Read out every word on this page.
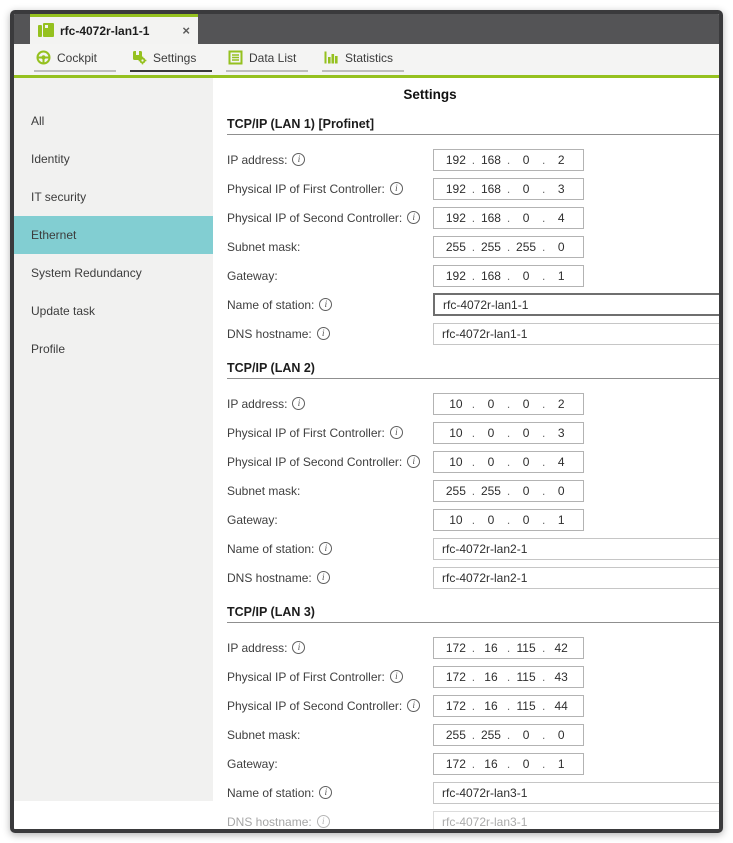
rfc-4072r-lan1-1	×
Cockpit	Settings	Data List	Statistics
All
Identity
IT security
Ethernet
System Redundancy
Update task
Profile
Settings
TCP/IP (LAN 1) [Profinet]
IP address:	i	192 . 168 .	0	.	2
Physical IP of First Controller:	i	192 . 168 .	0	.	3
Physical IP of Second Controller:	i	192 . 168 .	0	.	4
Subnet mask:	255 . 255 . 255 .	0
Gateway:	192 . 168 .	0	.	1
Name of station:	i	rfc-4072r-lan1-1
DNS hostname:	i	rfc-4072r-lan1-1
TCP/IP (LAN 2)
IP address:	i	10 .	0	.	0	.	2
Physical IP of First Controller:	i	10 .	0	.	0	.	3
Physical IP of Second Controller:	i	10 .	0	.	0	.	4
Subnet mask:	255 . 255 .	0	.	0
Gateway:	10 .	0	.	0	.	1
Name of station:	i	rfc-4072r-lan2-1
DNS hostname:	i	rfc-4072r-lan2-1
TCP/IP (LAN 3)
IP address:	i	172 . 16 . 115 . 42
Physical IP of First Controller:	i	172 . 16 . 115 . 43
Physical IP of Second Controller:	i	172 . 16 . 115 . 44
Subnet mask:	255 . 255 .	0	.	0
Gateway:	172 . 16 .	0	.	1
Name of station:	i	rfc-4072r-lan3-1
DNS hostname:	i	rfc-4072r-lan3-1
